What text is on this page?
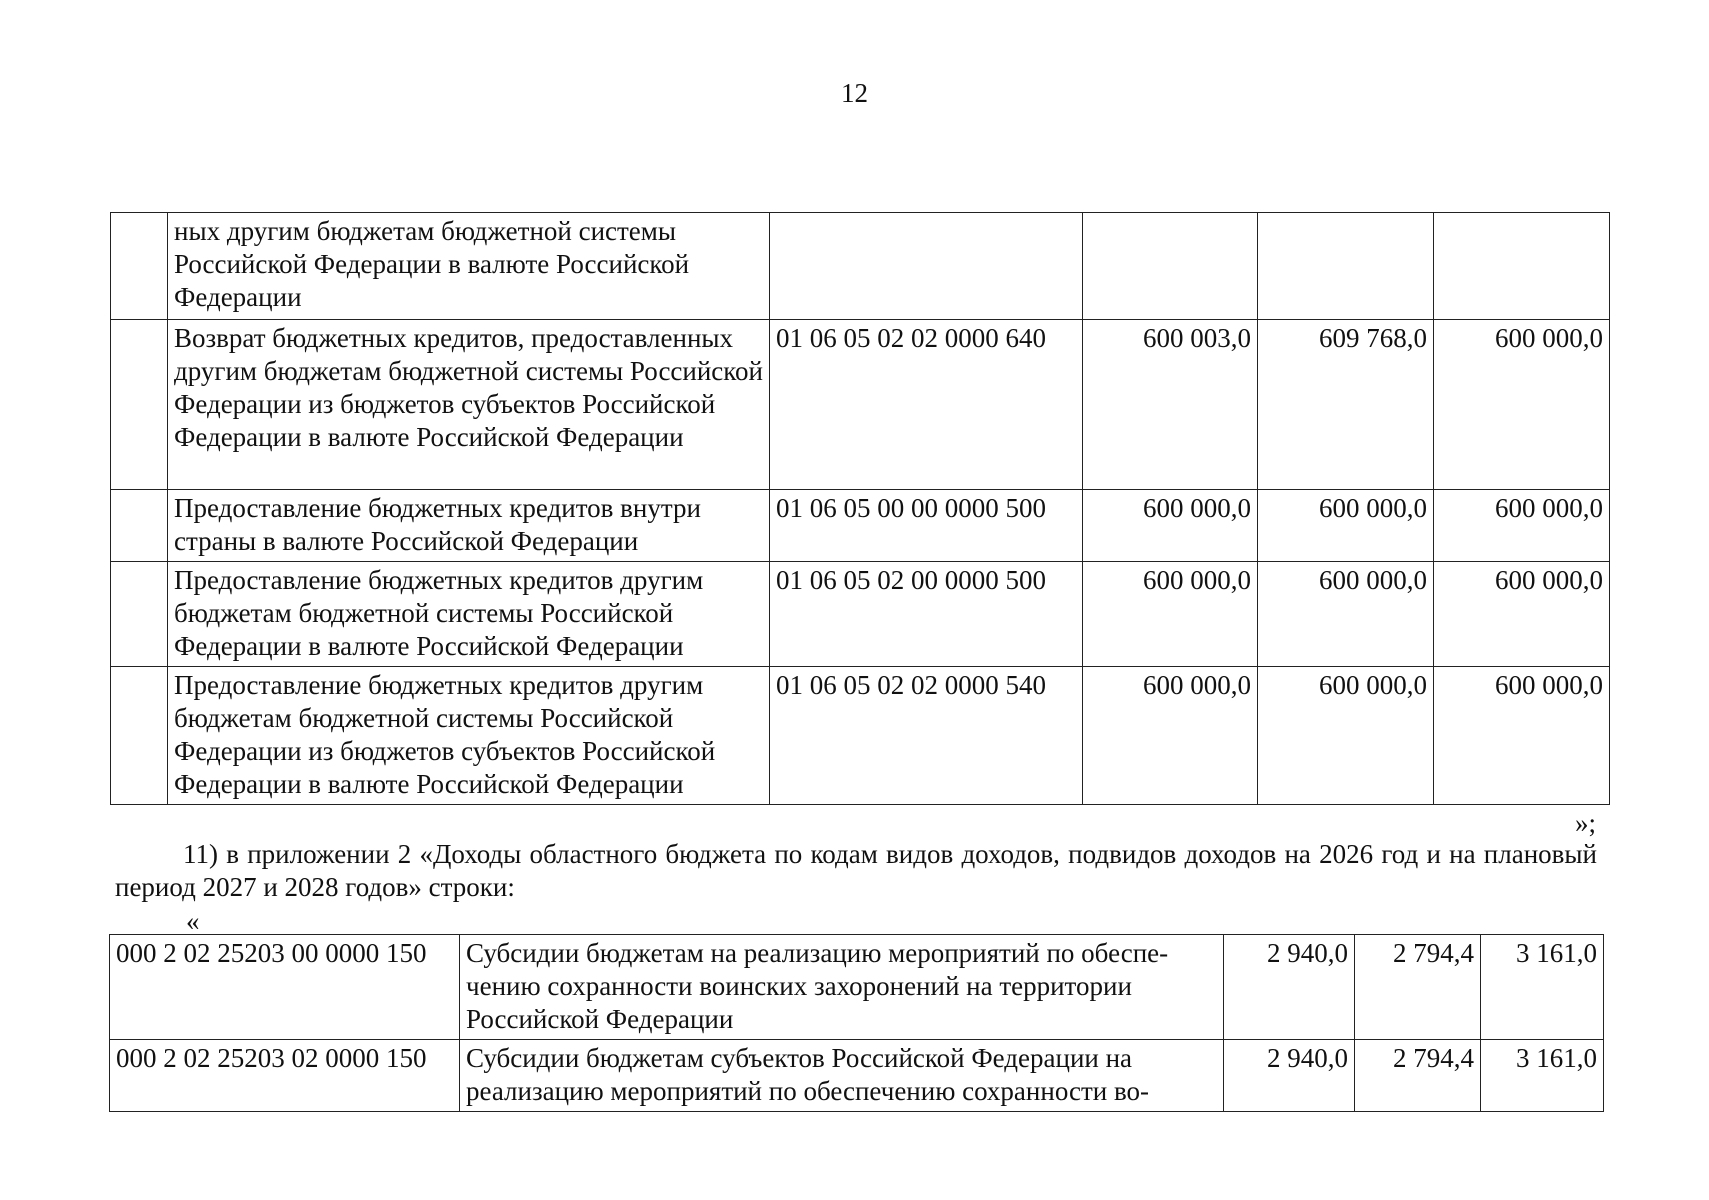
12
	ных другим бюджетам бюджетной системы Российской Федерации в валюте Российской Федерации				
	Возврат бюджетных кредитов, предоставленных другим бюджетам бюджетной системы Российской Федерации из бюджетов субъектов Российской Федерации в валюте Российской Федерации	01 06 05 02 02 0000 640	600 003,0	609 768,0	600 000,0
	Предоставление бюджетных кредитов внутри страны в валюте Российской Федерации	01 06 05 00 00 0000 500	600 000,0	600 000,0	600 000,0
	Предоставление бюджетных кредитов другим бюджетам бюджетной системы Российской Федерации в валюте Российской Федерации	01 06 05 02 00 0000 500	600 000,0	600 000,0	600 000,0
	Предоставление бюджетных кредитов другим бюджетам бюджетной системы Российской Федерации из бюджетов субъектов Российской Федерации в валюте Российской Федерации	01 06 05 02 02 0000 540	600 000,0	600 000,0	600 000,0
»;
11) в приложении 2 «Доходы областного бюджета по кодам видов доходов, подвидов доходов на 2026 год и на плановый период 2027 и 2028 годов» строки:
«
000 2 02 25203 00 0000 150	Субсидии бюджетам на реализацию мероприятий по обеспечению сохранности воинских захоронений на территории Российской Федерации	2 940,0	2 794,4	3 161,0
000 2 02 25203 02 0000 150	Субсидии бюджетам субъектов Российской Федерации на реализацию мероприятий по обеспечению сохранности во-	2 940,0	2 794,4	3 161,0
